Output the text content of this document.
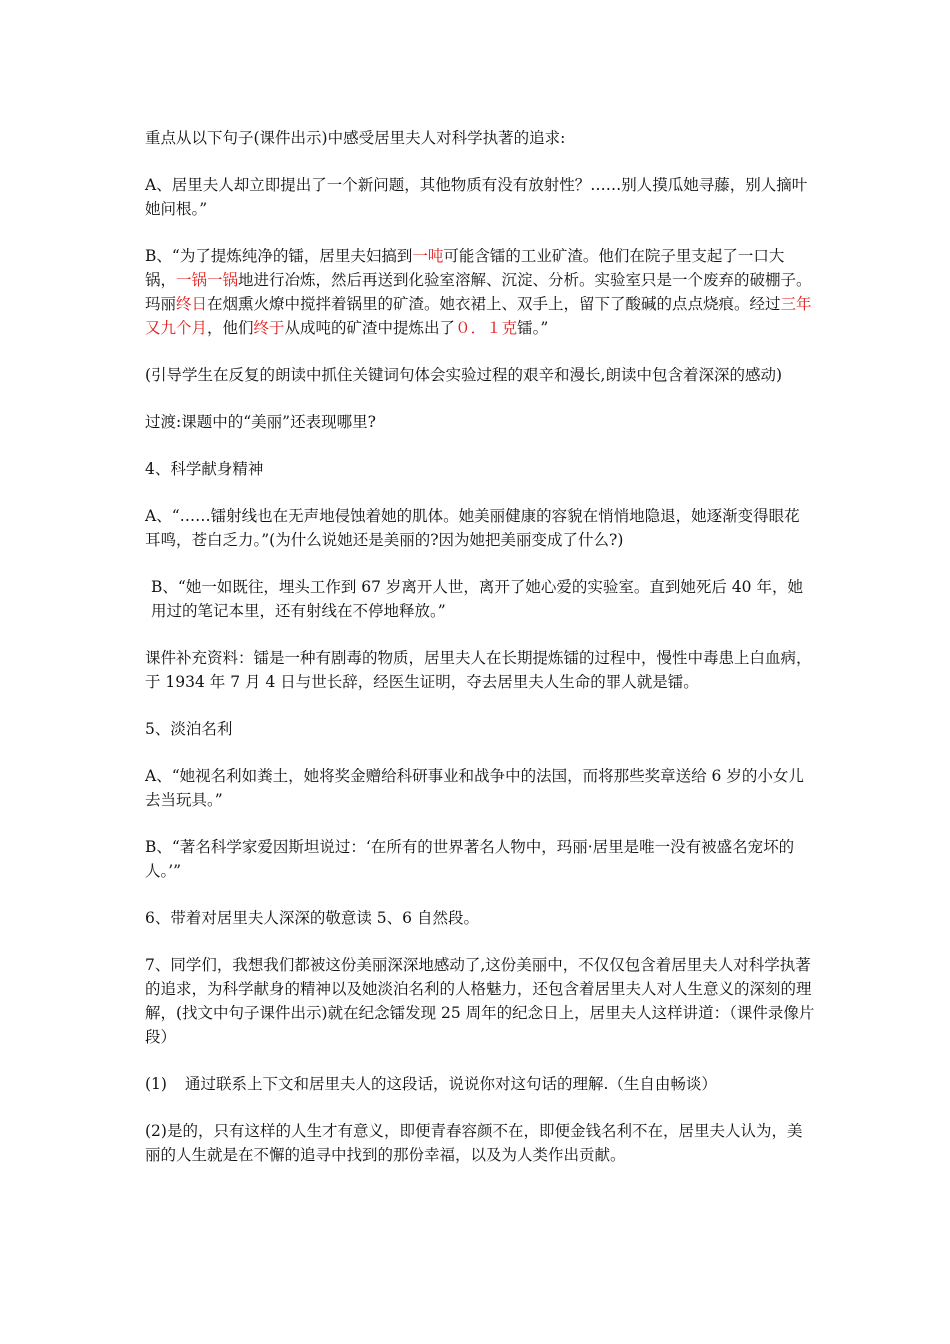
重点从以下句子(课件出示)中感受居里夫人对科学执著的追求:

A、居里夫人却立即提出了一个新问题，其他物质有没有放射性？……别人摸瓜她寻藤，别人摘叶她问根。”

B、“为了提炼纯净的镭，居里夫妇搞到一吨可能含镭的工业矿渣。他们在院子里支起了一口大锅，一锅一锅地进行冶炼，然后再送到化验室溶解、沉淀、分析。实验室只是一个废弃的破棚子。玛丽终日在烟熏火燎中搅拌着锅里的矿渣。她衣裙上、双手上，留下了酸碱的点点烧痕。经过三年又九个月，他们终于从成吨的矿渣中提炼出了０．１克镭。”

(引导学生在反复的朗读中抓住关键词句体会实验过程的艰辛和漫长,朗读中包含着深深的感动)

过渡:课题中的“美丽”还表现哪里?

4、科学献身精神

A、“……镭射线也在无声地侵蚀着她的肌体。她美丽健康的容貌在悄悄地隐退，她逐渐变得眼花耳鸣，苍白乏力。”(为什么说她还是美丽的?因为她把美丽变成了什么?)

B、“她一如既往，埋头工作到 67 岁离开人世，离开了她心爱的实验室。直到她死后 40 年，她用过的笔记本里，还有射线在不停地释放。”

课件补充资料：镭是一种有剧毒的物质，居里夫人在长期提炼镭的过程中，慢性中毒患上白血病，于 1934 年 7 月 4 日与世长辞，经医生证明，夺去居里夫人生命的罪人就是镭。

5、淡泊名利

A、“她视名利如粪土，她将奖金赠给科研事业和战争中的法国，而将那些奖章送给 6 岁的小女儿去当玩具。”

B、“著名科学家爱因斯坦说过：‘在所有的世界著名人物中，玛丽·居里是唯一没有被盛名宠坏的人。’”

6、带着对居里夫人深深的敬意读 5、6 自然段。

7、同学们，我想我们都被这份美丽深深地感动了,这份美丽中，不仅仅包含着居里夫人对科学执著的追求，为科学献身的精神以及她淡泊名利的人格魅力，还包含着居里夫人对人生意义的深刻的理解，(找文中句子课件出示)就在纪念镭发现 25 周年的纪念日上，居里夫人这样讲道：（课件录像片段）

(1) 通过联系上下文和居里夫人的这段话，说说你对这句话的理解.（生自由畅谈）

(2)是的，只有这样的人生才有意义，即便青春容颜不在，即便金钱名利不在，居里夫人认为，美丽的人生就是在不懈的追寻中找到的那份幸福，以及为人类作出贡献。
